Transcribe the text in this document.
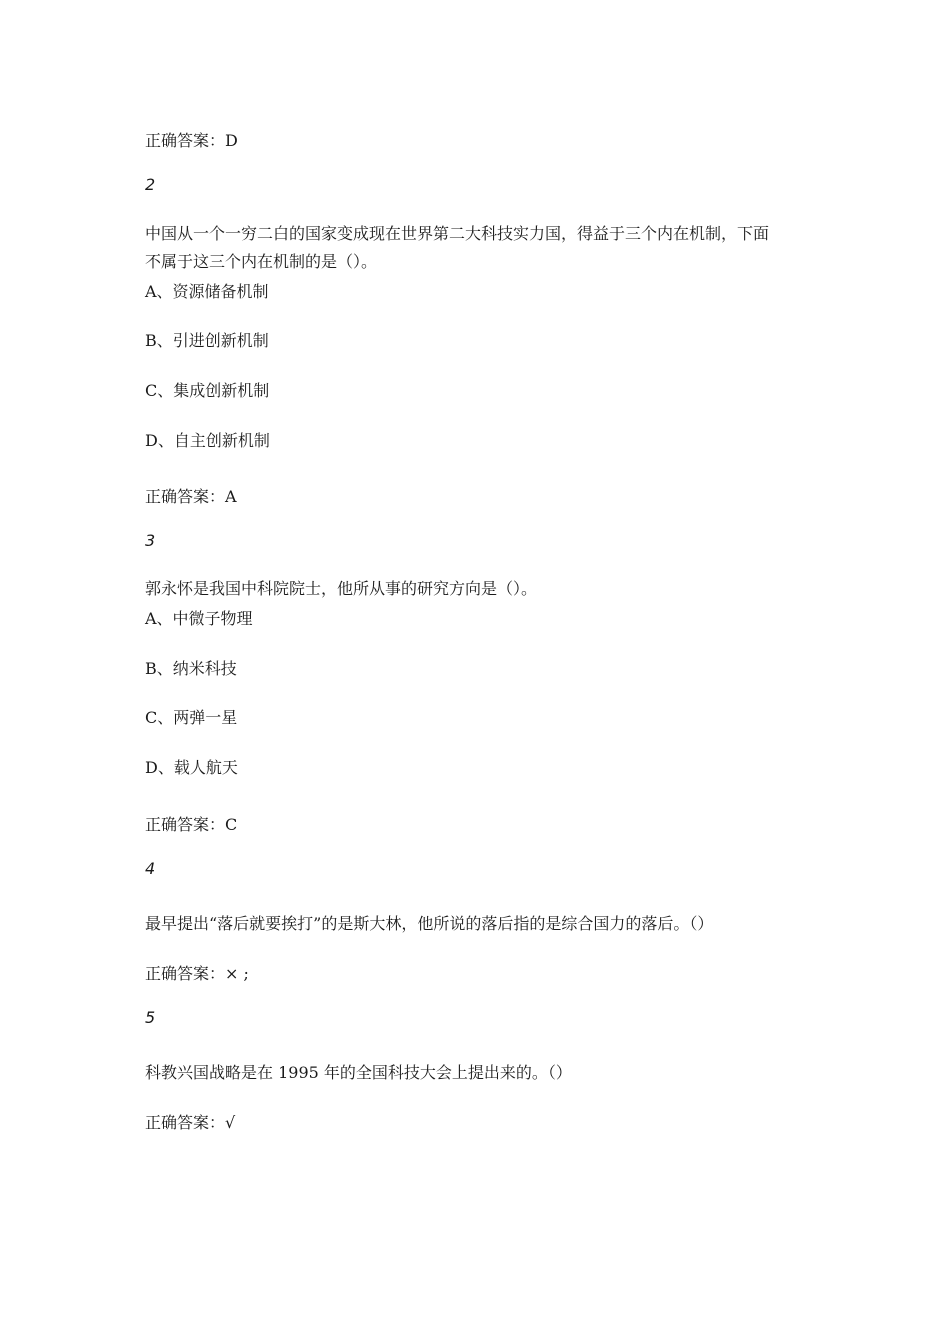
正确答案：D
2
中国从一个一穷二白的国家变成现在世界第二大科技实力国，得益于三个内在机制，下面
不属于这三个内在机制的是（）。
A、资源储备机制
B、引进创新机制
C、集成创新机制
D、自主创新机制
正确答案：A
3
郭永怀是我国中科院院士，他所从事的研究方向是（）。
A、中微子物理
B、纳米科技
C、两弹一星
D、载人航天
正确答案：C
4
最早提出“落后就要挨打”的是斯大林，他所说的落后指的是综合国力的落后。（）
正确答案：× ;
5
科教兴国战略是在 1995 年的全国科技大会上提出来的。（）
正确答案：√
